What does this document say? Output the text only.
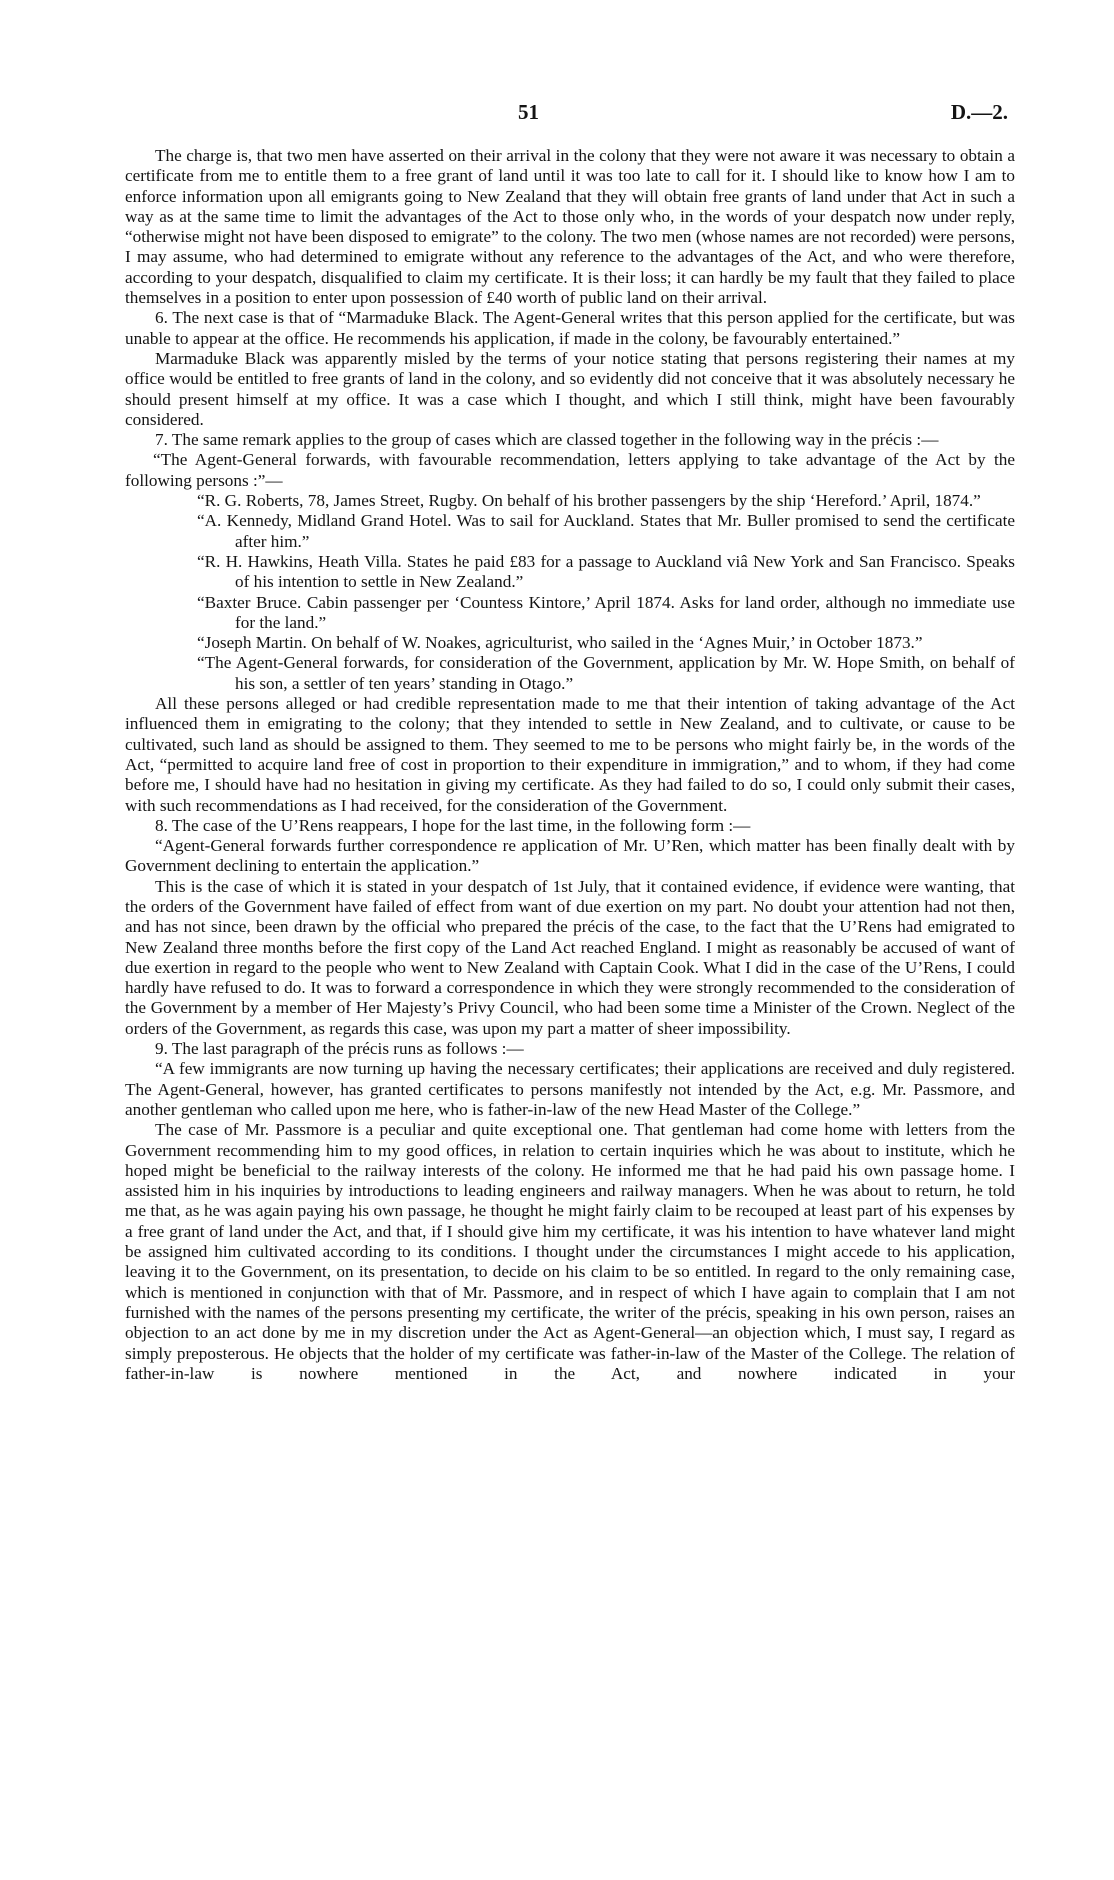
51	D.—2.

The charge is, that two men have asserted on their arrival in the colony that they were not aware it was necessary to obtain a certificate from me to entitle them to a free grant of land until it was too late to call for it. I should like to know how I am to enforce information upon all emigrants going to New Zealand that they will obtain free grants of land under that Act in such a way as at the same time to limit the advantages of the Act to those only who, in the words of your despatch now under reply, “otherwise might not have been disposed to emigrate” to the colony. The two men (whose names are not recorded) were persons, I may assume, who had determined to emigrate without any reference to the advantages of the Act, and who were therefore, according to your despatch, disqualified to claim my certificate. It is their loss; it can hardly be my fault that they failed to place themselves in a position to enter upon possession of £40 worth of public land on their arrival.

6. The next case is that of “Marmaduke Black. The Agent-General writes that this person applied for the certificate, but was unable to appear at the office. He recommends his application, if made in the colony, be favourably entertained.”

Marmaduke Black was apparently misled by the terms of your notice stating that persons registering their names at my office would be entitled to free grants of land in the colony, and so evidently did not conceive that it was absolutely necessary he should present himself at my office. It was a case which I thought, and which I still think, might have been favourably considered.

7. The same remark applies to the group of cases which are classed together in the following way in the précis :—

“The Agent-General forwards, with favourable recommendation, letters applying to take advantage of the Act by the following persons :”—

“R. G. Roberts, 78, James Street, Rugby. On behalf of his brother passengers by the ship ‘Hereford.’ April, 1874.”

“A. Kennedy, Midland Grand Hotel. Was to sail for Auckland. States that Mr. Buller promised to send the certificate after him.”

“R. H. Hawkins, Heath Villa. States he paid £83 for a passage to Auckland viâ New York and San Francisco. Speaks of his intention to settle in New Zealand.”

“Baxter Bruce. Cabin passenger per ‘Countess Kintore,’ April 1874. Asks for land order, although no immediate use for the land.”

“Joseph Martin. On behalf of W. Noakes, agriculturist, who sailed in the ‘Agnes Muir,’ in October 1873.”

“The Agent-General forwards, for consideration of the Government, application by Mr. W. Hope Smith, on behalf of his son, a settler of ten years’ standing in Otago.”

All these persons alleged or had credible representation made to me that their intention of taking advantage of the Act influenced them in emigrating to the colony; that they intended to settle in New Zealand, and to cultivate, or cause to be cultivated, such land as should be assigned to them. They seemed to me to be persons who might fairly be, in the words of the Act, “permitted to acquire land free of cost in proportion to their expenditure in immigration,” and to whom, if they had come before me, I should have had no hesitation in giving my certificate. As they had failed to do so, I could only submit their cases, with such recommendations as I had received, for the consideration of the Government.

8. The case of the U’Rens reappears, I hope for the last time, in the following form :—

“Agent-General forwards further correspondence re application of Mr. U’Ren, which matter has been finally dealt with by Government declining to entertain the application.”

This is the case of which it is stated in your despatch of 1st July, that it contained evidence, if evidence were wanting, that the orders of the Government have failed of effect from want of due exertion on my part. No doubt your attention had not then, and has not since, been drawn by the official who prepared the précis of the case, to the fact that the U’Rens had emigrated to New Zealand three months before the first copy of the Land Act reached England. I might as reasonably be accused of want of due exertion in regard to the people who went to New Zealand with Captain Cook. What I did in the case of the U’Rens, I could hardly have refused to do. It was to forward a correspondence in which they were strongly recommended to the consideration of the Government by a member of Her Majesty’s Privy Council, who had been some time a Minister of the Crown. Neglect of the orders of the Government, as regards this case, was upon my part a matter of sheer impossibility.

9. The last paragraph of the précis runs as follows :—

“A few immigrants are now turning up having the necessary certificates; their applications are received and duly registered. The Agent-General, however, has granted certificates to persons manifestly not intended by the Act, e.g. Mr. Passmore, and another gentleman who called upon me here, who is father-in-law of the new Head Master of the College.”

The case of Mr. Passmore is a peculiar and quite exceptional one. That gentleman had come home with letters from the Government recommending him to my good offices, in relation to certain inquiries which he was about to institute, which he hoped might be beneficial to the railway interests of the colony. He informed me that he had paid his own passage home. I assisted him in his inquiries by introductions to leading engineers and railway managers. When he was about to return, he told me that, as he was again paying his own passage, he thought he might fairly claim to be recouped at least part of his expenses by a free grant of land under the Act, and that, if I should give him my certificate, it was his intention to have whatever land might be assigned him cultivated according to its conditions. I thought under the circumstances I might accede to his application, leaving it to the Government, on its presentation, to decide on his claim to be so entitled. In regard to the only remaining case, which is mentioned in conjunction with that of Mr. Passmore, and in respect of which I have again to complain that I am not furnished with the names of the persons presenting my certificate, the writer of the précis, speaking in his own person, raises an objection to an act done by me in my discretion under the Act as Agent-General—an objection which, I must say, I regard as simply preposterous. He objects that the holder of my certificate was father-in-law of the Master of the College. The relation of father-in-law is nowhere mentioned in the Act, and nowhere indicated in your
